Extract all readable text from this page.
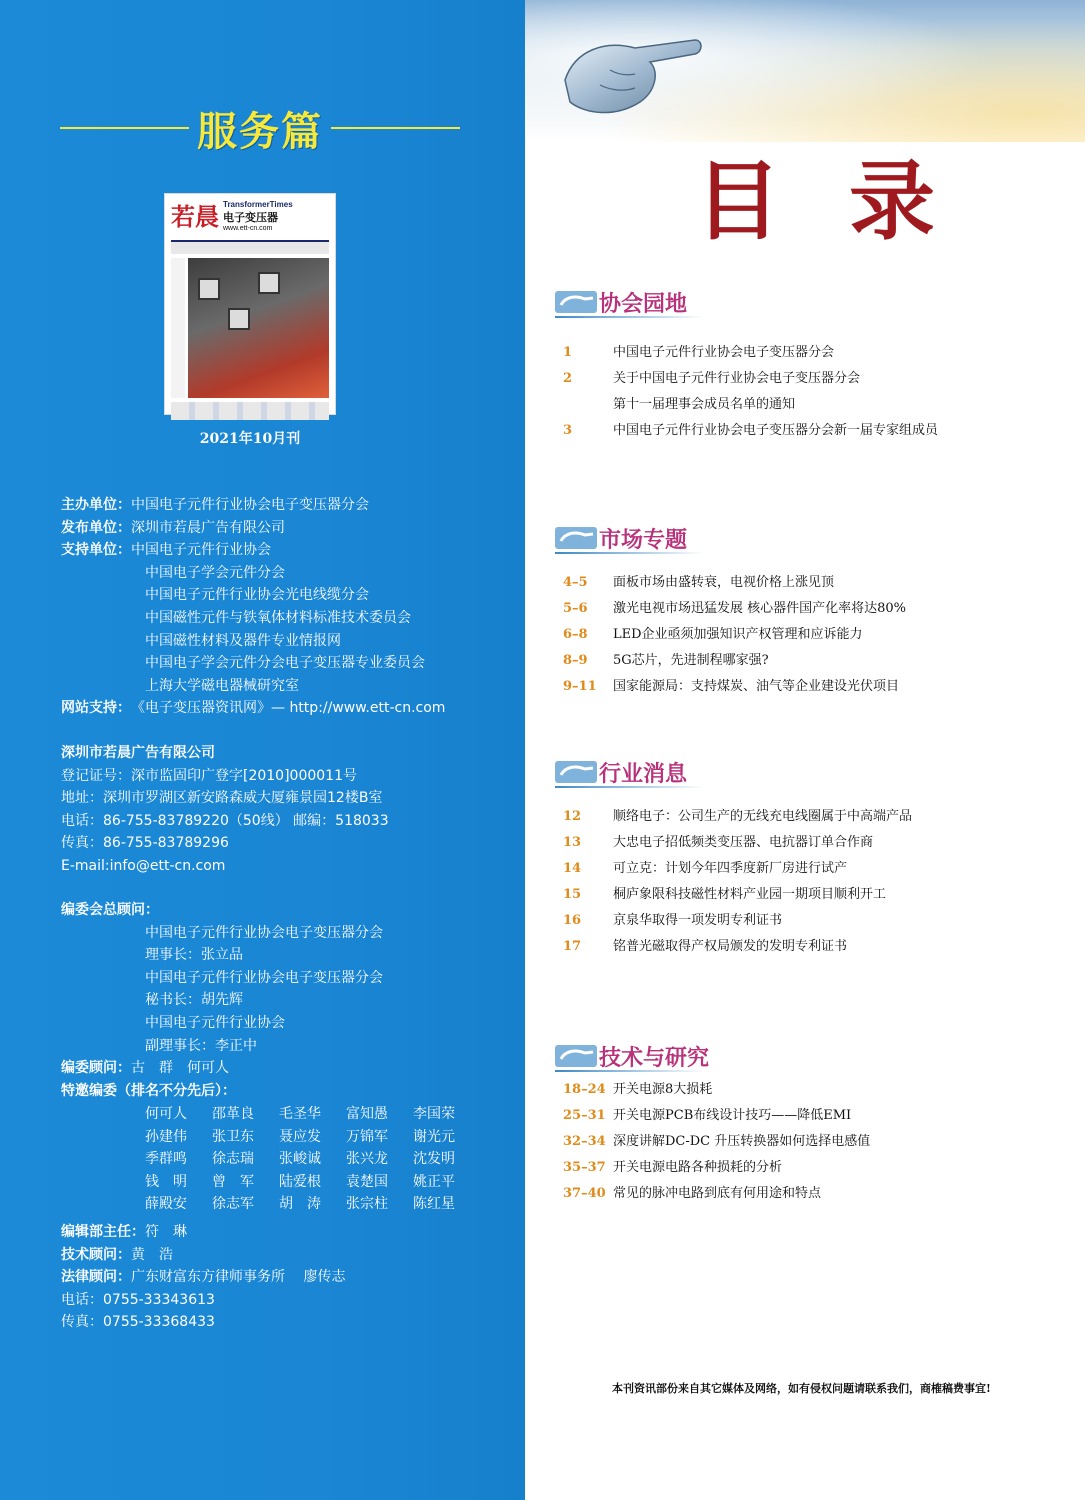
服务篇
若晨 TransformerTimes
电子变压器
www.ett-cn.com
2021年10月刊
主办单位：中国电子元件行业协会电子变压器分会
发布单位：深圳市若晨广告有限公司
支持单位：中国电子元件行业协会
中国电子学会元件分会
中国电子元件行业协会光电线缆分会
中国磁性元件与铁氧体材料标准技术委员会
中国磁性材料及器件专业情报网
中国电子学会元件分会电子变压器专业委员会
上海大学磁电器械研究室
网站支持：《电子变压器资讯网》— http://www.ett-cn.com
深圳市若晨广告有限公司
登记证号：深市监固印广登字[2010]000011号
地址：深圳市罗湖区新安路森威大厦雍景园12楼B室
电话：86-755-83789220（50线） 邮编：518033
传真：86-755-83789296
E-mail:info@ett-cn.com
编委会总顾问：
中国电子元件行业协会电子变压器分会
理事长：张立品
中国电子元件行业协会电子变压器分会
秘书长：胡先辉
中国电子元件行业协会
副理事长：李正中
编委顾问：古　群　何可人
特邀编委（排名不分先后）：
何可人	邵革良	毛圣华	富知愚	李国荣
孙建伟	张卫东	聂应发	万锦军	谢光元
季群鸣	徐志瑞	张峻诚	张兴龙	沈发明
钱　明	曾　军	陆爱根	袁楚国	姚正平
薛殿安	徐志军	胡　涛	张宗柱	陈红星
编辑部主任：符　琳
技术顾问：黄　浩
法律顾问：广东财富东方律师事务所　 廖传志
电话：0755-33343613
传真：0755-33368433
目 录
协会园地
1	中国电子元件行业协会电子变压器分会
2	关于中国电子元件行业协会电子变压器分会
第十一届理事会成员名单的通知
3	中国电子元件行业协会电子变压器分会新一届专家组成员
市场专题
4–5	面板市场由盛转衰，电视价格上涨见顶
5–6	激光电视市场迅猛发展 核心器件国产化率将达80%
6–8	LED企业亟须加强知识产权管理和应诉能力
8–9	5G芯片，先进制程哪家强?
9–11	国家能源局：支持煤炭、油气等企业建设光伏项目
行业消息
12	顺络电子：公司生产的无线充电线圈属于中高端产品
13	大忠电子招低频类变压器、电抗器订单合作商
14	可立克：计划今年四季度新厂房进行试产
15	桐庐象限科技磁性材料产业园一期项目顺利开工
16	京泉华取得一项发明专利证书
17	铭普光磁取得产权局颁发的发明专利证书
技术与研究
18–24 开关电源8大损耗
25–31 开关电源PCB布线设计技巧——降低EMI
32–34 深度讲解DC-DC 升压转换器如何选择电感值
35–37 开关电源电路各种损耗的分析
37–40 常见的脉冲电路到底有何用途和特点
本刊资讯部份来自其它媒体及网络，如有侵权问题请联系我们，商榷稿费事宜!
